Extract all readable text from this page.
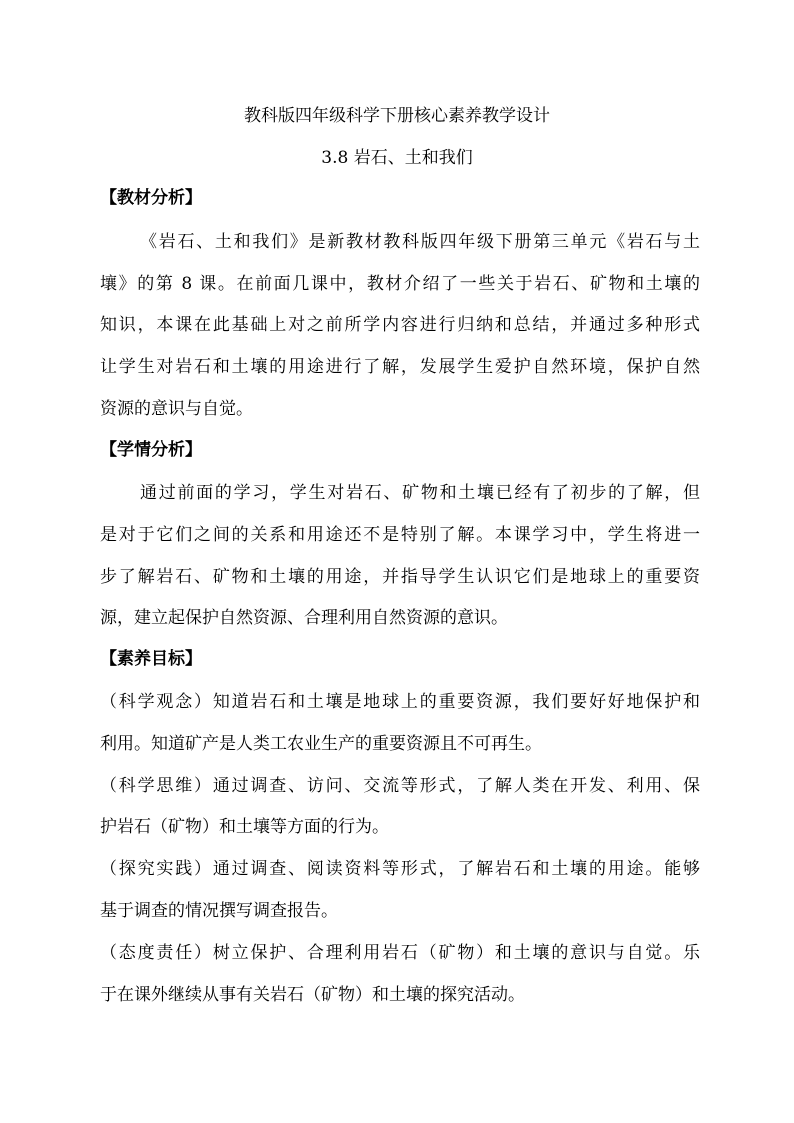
教科版四年级科学下册核心素养教学设计
3.8 岩石、土和我们
【教材分析】
《岩石、土和我们》是新教材教科版四年级下册第三单元《岩石与土
壤》的第 8 课。在前面几课中，教材介绍了一些关于岩石、矿物和土壤的
知识，本课在此基础上对之前所学内容进行归纳和总结，并通过多种形式
让学生对岩石和土壤的用途进行了解，发展学生爱护自然环境，保护自然
资源的意识与自觉。
【学情分析】
通过前面的学习，学生对岩石、矿物和土壤已经有了初步的了解，但
是对于它们之间的关系和用途还不是特别了解。本课学习中，学生将进一
步了解岩石、矿物和土壤的用途，并指导学生认识它们是地球上的重要资
源，建立起保护自然资源、合理利用自然资源的意识。
【素养目标】
（科学观念）知道岩石和土壤是地球上的重要资源，我们要好好地保护和
利用。知道矿产是人类工农业生产的重要资源且不可再生。
（科学思维）通过调查、访问、交流等形式，了解人类在开发、利用、保
护岩石（矿物）和土壤等方面的行为。
（探究实践）通过调查、阅读资料等形式，了解岩石和土壤的用途。能够
基于调查的情况撰写调查报告。
（态度责任）树立保护、合理利用岩石（矿物）和土壤的意识与自觉。乐
于在课外继续从事有关岩石（矿物）和土壤的探究活动。
